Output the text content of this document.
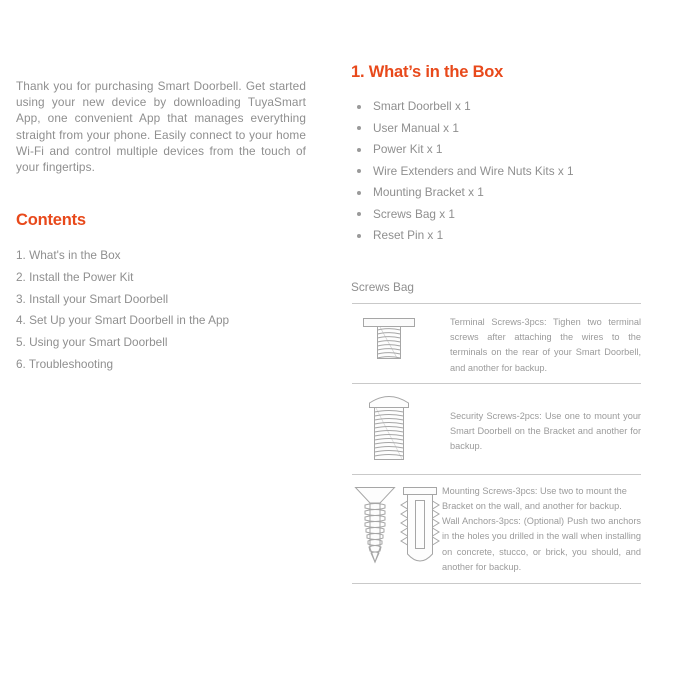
Thank you for purchasing Smart Doorbell. Get started using your new device by downloading TuyaSmart App, one convenient App that manages everything straight from your phone. Easily connect to your home Wi-Fi and control multiple devices from the touch of your fingertips.

Contents
1. What's in the Box
2. Install the Power Kit
3. Install your Smart Doorbell
4. Set Up your Smart Doorbell in the App
5. Using your Smart Doorbell
6. Troubleshooting
1. What’s in the Box
Smart Doorbell x 1
User Manual x 1
Power Kit x 1
Wire Extenders and Wire Nuts Kits x 1
Mounting Bracket x 1
Screws Bag x 1
Reset Pin x 1
Screws Bag
Terminal Screws-3pcs: Tighen two terminal screws after attaching the wires to the terminals on the rear of your Smart Doorbell, and another for backup.
Security Screws-2pcs: Use one to mount your Smart Doorbell on the Bracket and another for backup.
Mounting Screws-3pcs: Use two to mount the Bracket on the wall, and another for backup.
Wall Anchors-3pcs: (Optional) Push two anchors in the holes you drilled in the wall when installing on concrete, stucco, or brick, you should, and another for backup.
